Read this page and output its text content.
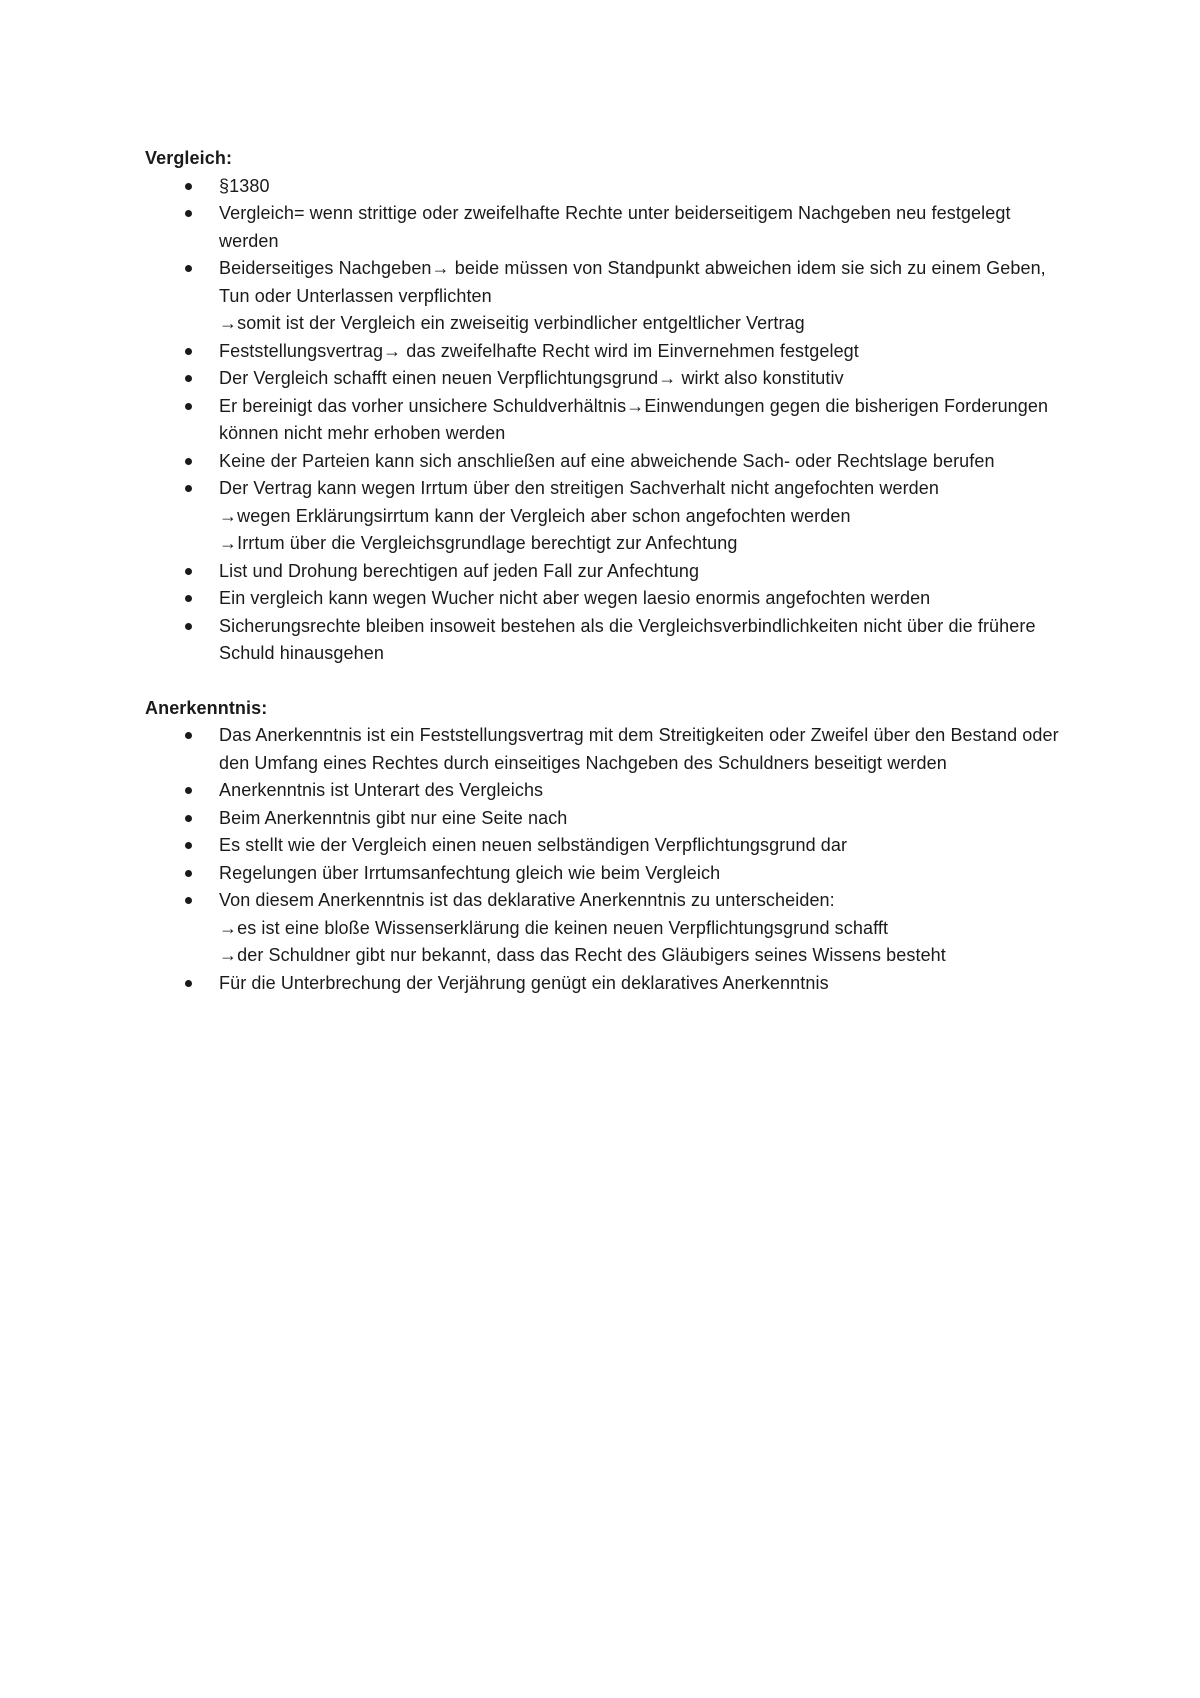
Vergleich:

§1380
Vergleich= wenn strittige oder zweifelhafte Rechte unter beiderseitigem Nachgeben neu festgelegt werden
Beiderseitiges Nachgeben→ beide müssen von Standpunkt abweichen idem sie sich zu einem Geben, Tun oder Unterlassen verpflichten
→somit ist der Vergleich ein zweiseitig verbindlicher entgeltlicher Vertrag
Feststellungsvertrag→ das zweifelhafte Recht wird im Einvernehmen festgelegt
Der Vergleich schafft einen neuen Verpflichtungsgrund→ wirkt also konstitutiv
Er bereinigt das vorher unsichere Schuldverhältnis→Einwendungen gegen die bisherigen Forderungen können nicht mehr erhoben werden
Keine der Parteien kann sich anschließen auf eine abweichende Sach- oder Rechtslage berufen
Der Vertrag kann wegen Irrtum über den streitigen Sachverhalt nicht angefochten werden
→wegen Erklärungsirrtum kann der Vergleich aber schon angefochten werden
→Irrtum über die Vergleichsgrundlage berechtigt zur Anfechtung
List und Drohung berechtigen auf jeden Fall zur Anfechtung
Ein vergleich kann wegen Wucher nicht aber wegen laesio enormis angefochten werden
Sicherungsrechte bleiben insoweit bestehen als die Vergleichsverbindlichkeiten nicht über die frühere Schuld hinausgehen

Anerkenntnis:

Das Anerkenntnis ist ein Feststellungsvertrag mit dem Streitigkeiten oder Zweifel über den Bestand oder den Umfang eines Rechtes durch einseitiges Nachgeben des Schuldners beseitigt werden
Anerkenntnis ist Unterart des Vergleichs
Beim Anerkenntnis gibt nur eine Seite nach
Es stellt wie der Vergleich einen neuen selbständigen Verpflichtungsgrund dar
Regelungen über Irrtumsanfechtung gleich wie beim Vergleich
Von diesem Anerkenntnis ist das deklarative Anerkenntnis zu unterscheiden:
→es ist eine bloße Wissenserklärung die keinen neuen Verpflichtungsgrund schafft
→der Schuldner gibt nur bekannt, dass das Recht des Gläubigers seines Wissens besteht
Für die Unterbrechung der Verjährung genügt ein deklaratives Anerkenntnis
